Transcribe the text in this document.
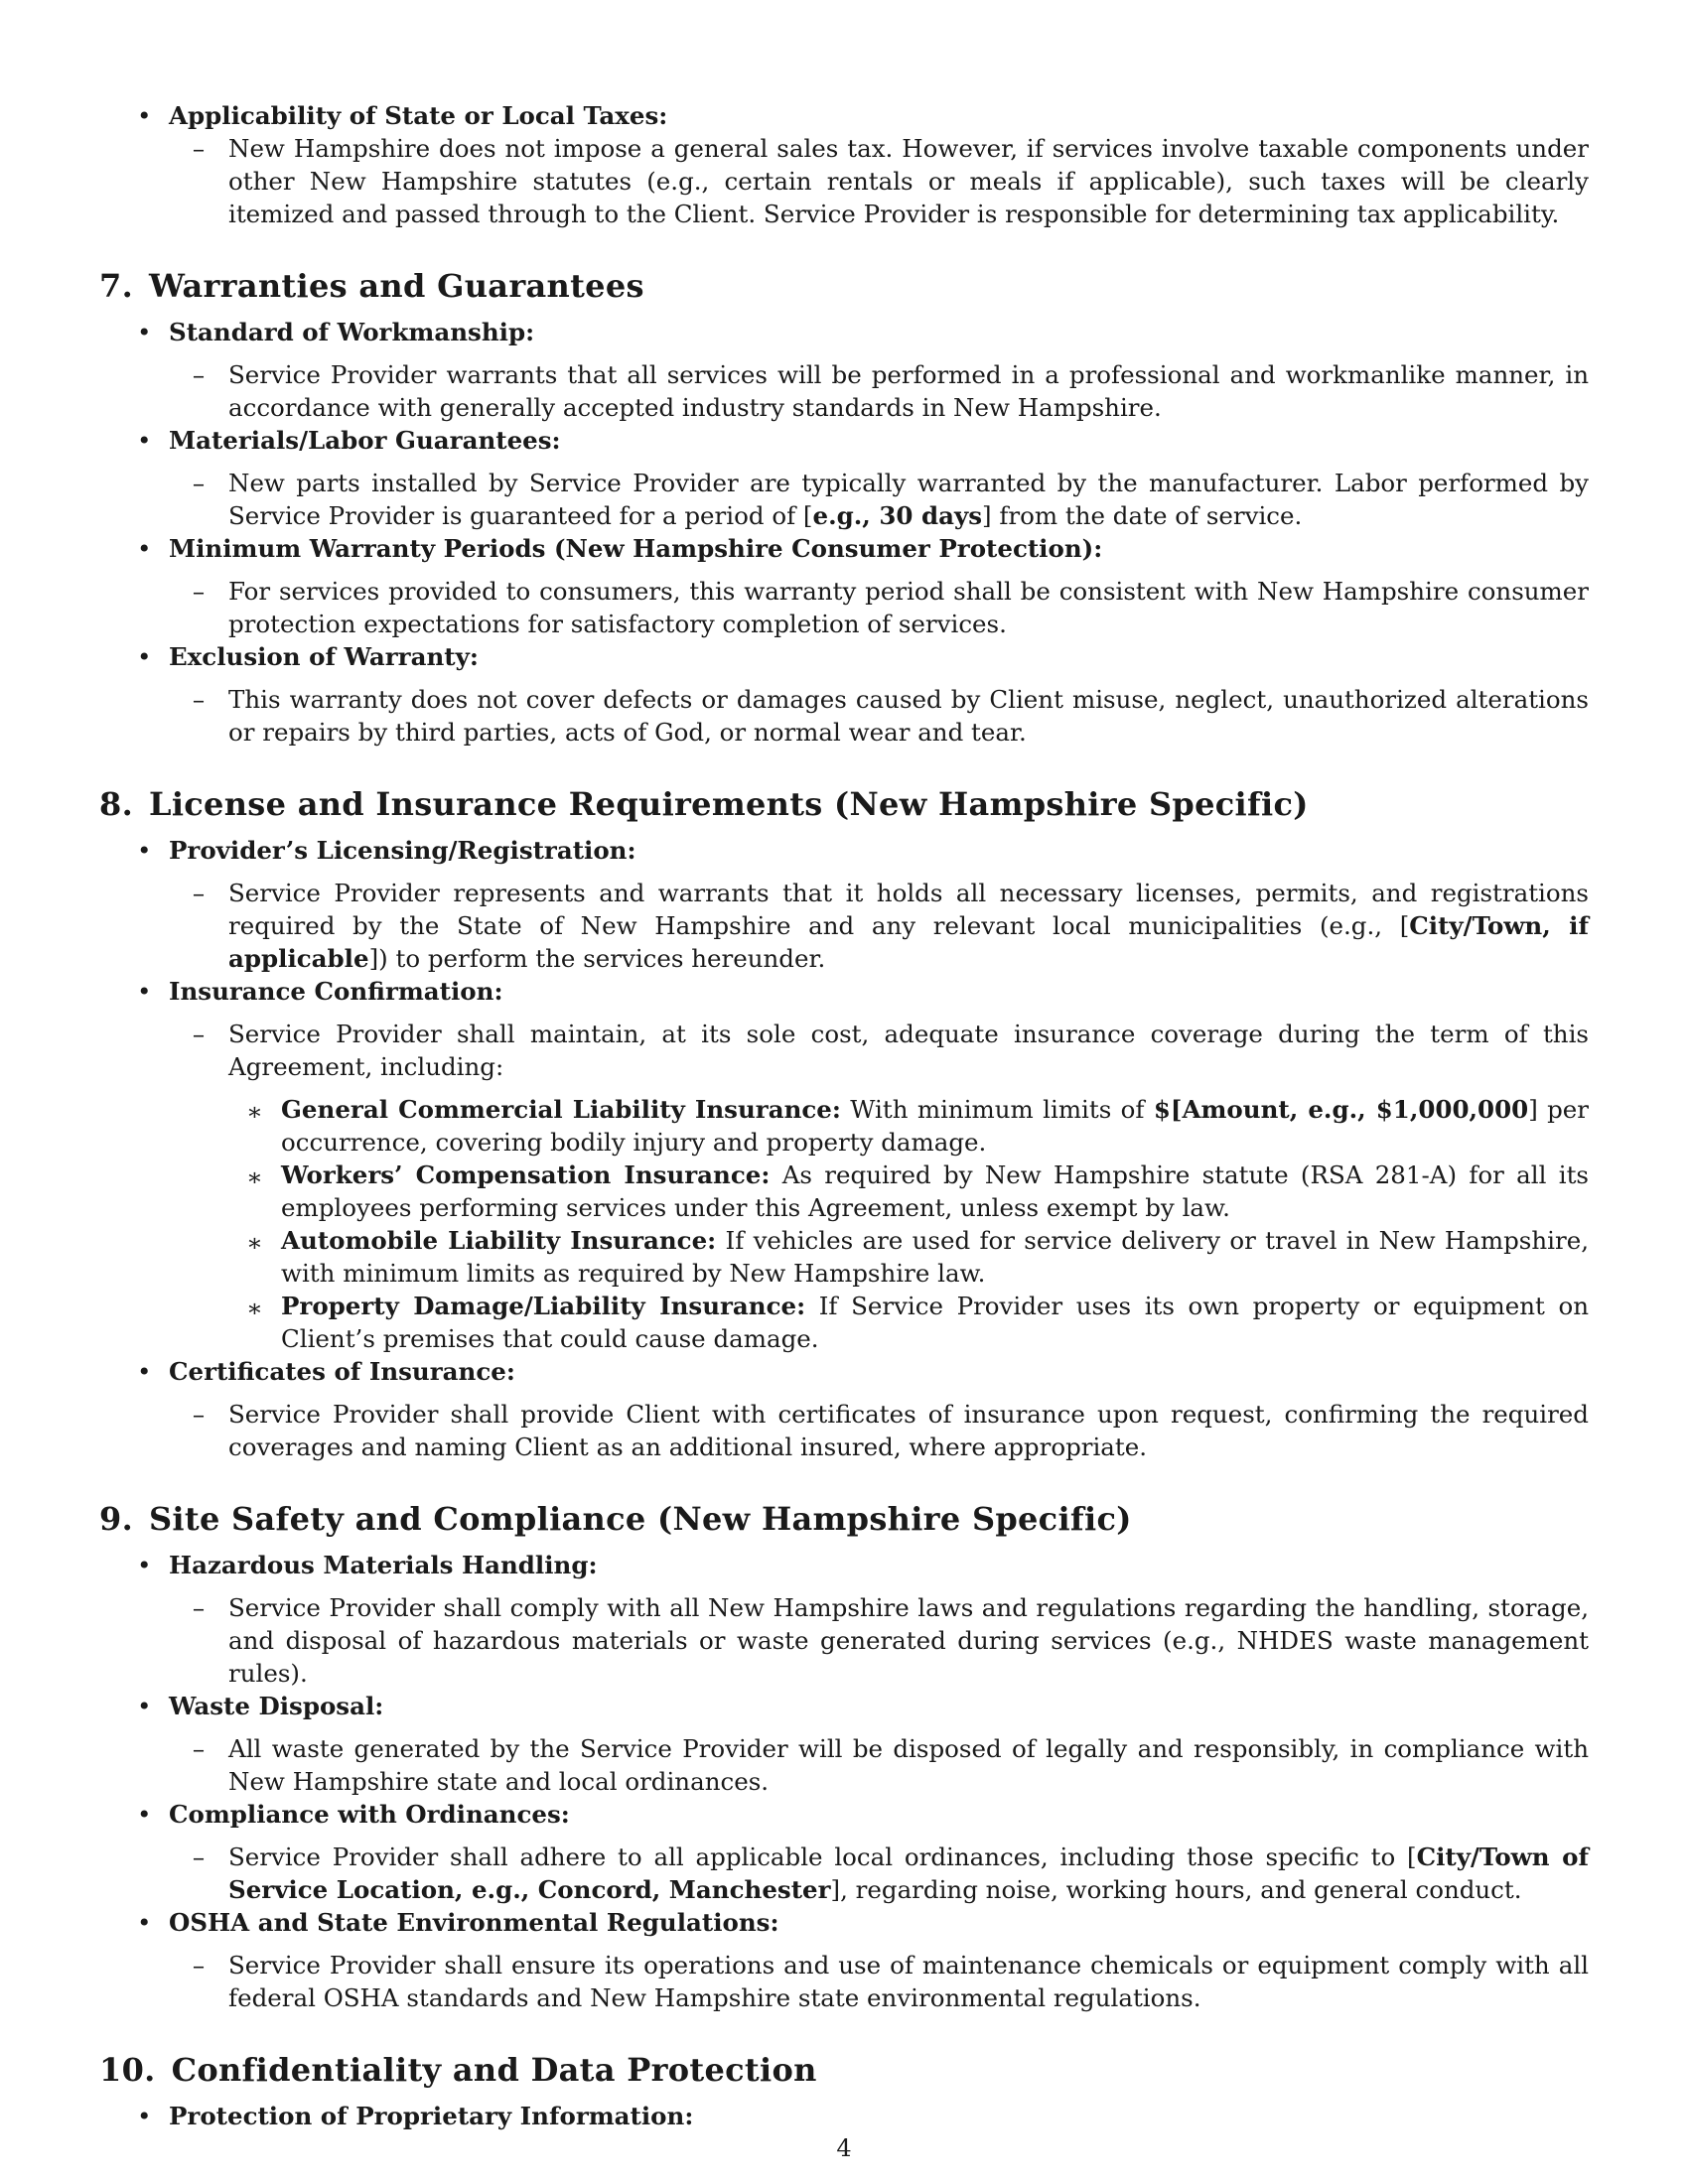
• Applicability of State or Local Taxes:
– New Hampshire does not impose a general sales tax. However, if services involve taxable components under other New Hampshire statutes (e.g., certain rentals or meals if applicable), such taxes will be clearly itemized and passed through to the Client. Service Provider is responsible for determining tax applicability.

7. Warranties and Guarantees
• Standard of Workmanship:
– Service Provider warrants that all services will be performed in a professional and workmanlike manner, in accordance with generally accepted industry standards in New Hampshire.

• Materials/Labor Guarantees:
– New parts installed by Service Provider are typically warranted by the manufacturer. Labor performed by Service Provider is guaranteed for a period of [e.g., 30 days] from the date of service.

• Minimum Warranty Periods (New Hampshire Consumer Protection):
– For services provided to consumers, this warranty period shall be consistent with New Hampshire consumer protection expectations for satisfactory completion of services.

• Exclusion of Warranty:
– This warranty does not cover defects or damages caused by Client misuse, neglect, unauthorized alterations or repairs by third parties, acts of God, or normal wear and tear.

8. License and Insurance Requirements (New Hampshire Specific)
• Provider’s Licensing/Registration:
– Service Provider represents and warrants that it holds all necessary licenses, permits, and registrations required by the State of New Hampshire and any relevant local municipalities (e.g., [City/Town, if applicable]) to perform the services hereunder.

• Insurance Confirmation:
– Service Provider shall maintain, at its sole cost, adequate insurance coverage during the term of this Agreement, including:

∗ General Commercial Liability Insurance: With minimum limits of $[Amount, e.g., $1,000,000] per occurrence, covering bodily injury and property damage.

∗ Workers’ Compensation Insurance: As required by New Hampshire statute (RSA 281-A) for all its employees performing services under this Agreement, unless exempt by law.

∗ Automobile Liability Insurance: If vehicles are used for service delivery or travel in New Hampshire, with minimum limits as required by New Hampshire law.

∗ Property Damage/Liability Insurance: If Service Provider uses its own property or equipment on Client’s premises that could cause damage.

• Certificates of Insurance:
– Service Provider shall provide Client with certificates of insurance upon request, confirming the required coverages and naming Client as an additional insured, where appropriate.

9. Site Safety and Compliance (New Hampshire Specific)
• Hazardous Materials Handling:
– Service Provider shall comply with all New Hampshire laws and regulations regarding the handling, storage, and disposal of hazardous materials or waste generated during services (e.g., NHDES waste management rules).

• Waste Disposal:
– All waste generated by the Service Provider will be disposed of legally and responsibly, in compliance with New Hampshire state and local ordinances.

• Compliance with Ordinances:
– Service Provider shall adhere to all applicable local ordinances, including those specific to [City/Town of Service Location, e.g., Concord, Manchester], regarding noise, working hours, and general conduct.

• OSHA and State Environmental Regulations:
– Service Provider shall ensure its operations and use of maintenance chemicals or equipment comply with all federal OSHA standards and New Hampshire state environmental regulations.

10. Confidentiality and Data Protection
• Protection of Proprietary Information:
4
